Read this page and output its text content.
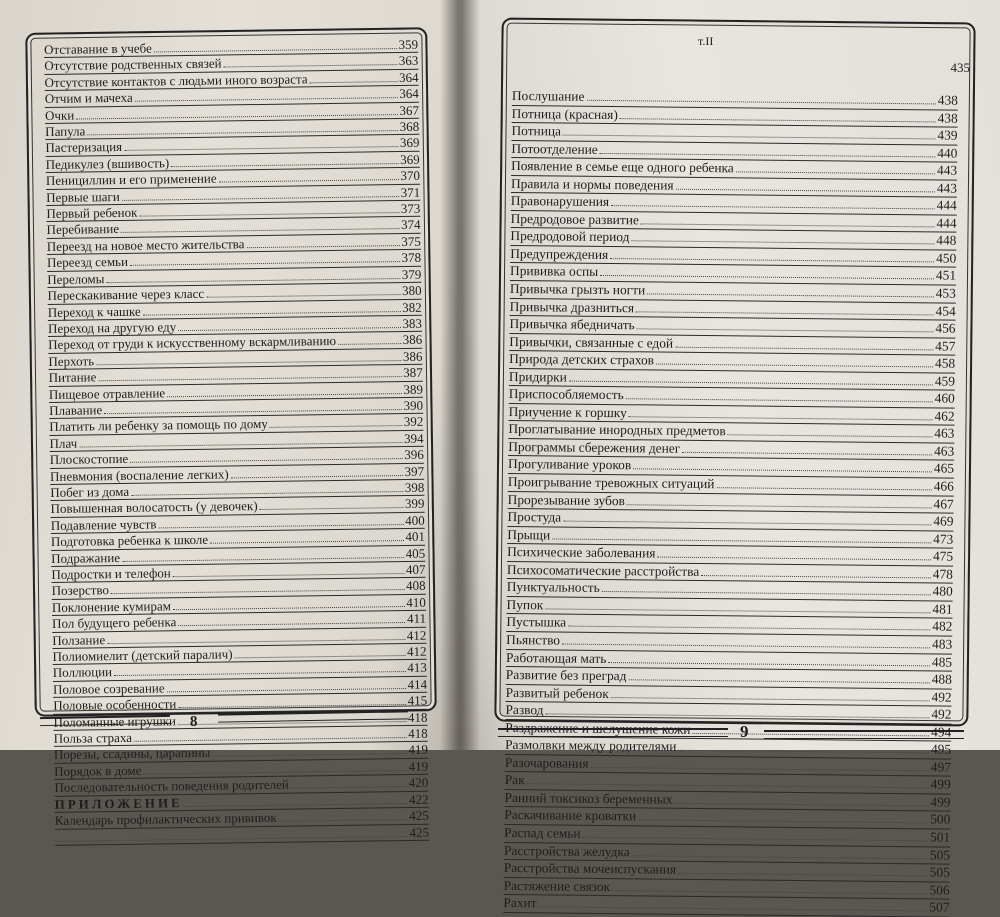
Отставание в учебе	359
Отсутствие родственных связей	363
Отсутствие контактов с людьми иного возраста	364
Отчим и мачеха	364
Очки	367
Папула	368
Пастеризация	369
Педикулез (вшивость)	369
Пенициллин и его применение	370
Первые шаги	371
Первый ребенок	373
Перебивание	374
Переезд на новое место жительства	375
Переезд семьи	378
Переломы	379
Перескакивание через класс	380
Переход к чашке	382
Переход на другую еду	383
Переход от груди к искусственному вскармливанию	386
Перхоть	386
Питание	387
Пищевое отравление	389
Плавание	390
Платить ли ребенку за помощь по дому	392
Плач	394
Плоскостопие	396
Пневмония (воспаление легких)	397
Побег из дома	398
Повышенная волосатость (у девочек)	399
Подавление чувств	400
Подготовка ребенка к школе	401
Подражание	405
Подростки и телефон	407
Позерство	408
Поклонение кумирам	410
Пол будущего ребенка	411
Ползание	412
Полиомиелит (детский паралич)	412
Поллюции	413
Половое созревание	414
Половые особенности	415
Поломанные игрушки	418
Польза страха	418
Порезы, ссадины, царапины	419
Порядок в доме	419
Последовательность поведения родителей	420
ПРИЛОЖЕНИЕ	422
Календарь профилактических прививок	425
425
8
т.II
435
Послушание	438
Потница (красная)	438
Потница	439
Потоотделение	440
Появление в семье еще одного ребенка	443
Правила и нормы поведения	443
Правонарушения	444
Предродовое развитие	444
Предродовой период	448
Предупреждения	450
Прививка оспы	451
Привычка грызть ногти	453
Привычка дразниться	454
Привычка ябедничать	456
Привычки, связанные с едой	457
Природа детских страхов	458
Придирки	459
Приспособляемость	460
Приучение к горшку	462
Проглатывание инородных предметов	463
Программы сбережения денег	463
Прогуливание уроков	465
Проигрывание тревожных ситуаций	466
Прорезывание зубов	467
Простуда	469
Прыщи	473
Психические заболевания	475
Психосоматические расстройства	478
Пунктуальность	480
Пупок	481
Пустышка	482
Пьянство	483
Работающая мать	485
Развитие без преград	488
Развитый ребенок	492
Развод	492
Раздражение и шелушение кожи	494
Размолвки между родителями	495
Разочарования	497
Рак	499
Ранний токсикоз беременных	499
Раскачивание кроватки	500
Распад семьи	501
Расстройства желудка	505
Расстройства мочеиспускания	505
Растяжение связок	506
Рахит	507
9
